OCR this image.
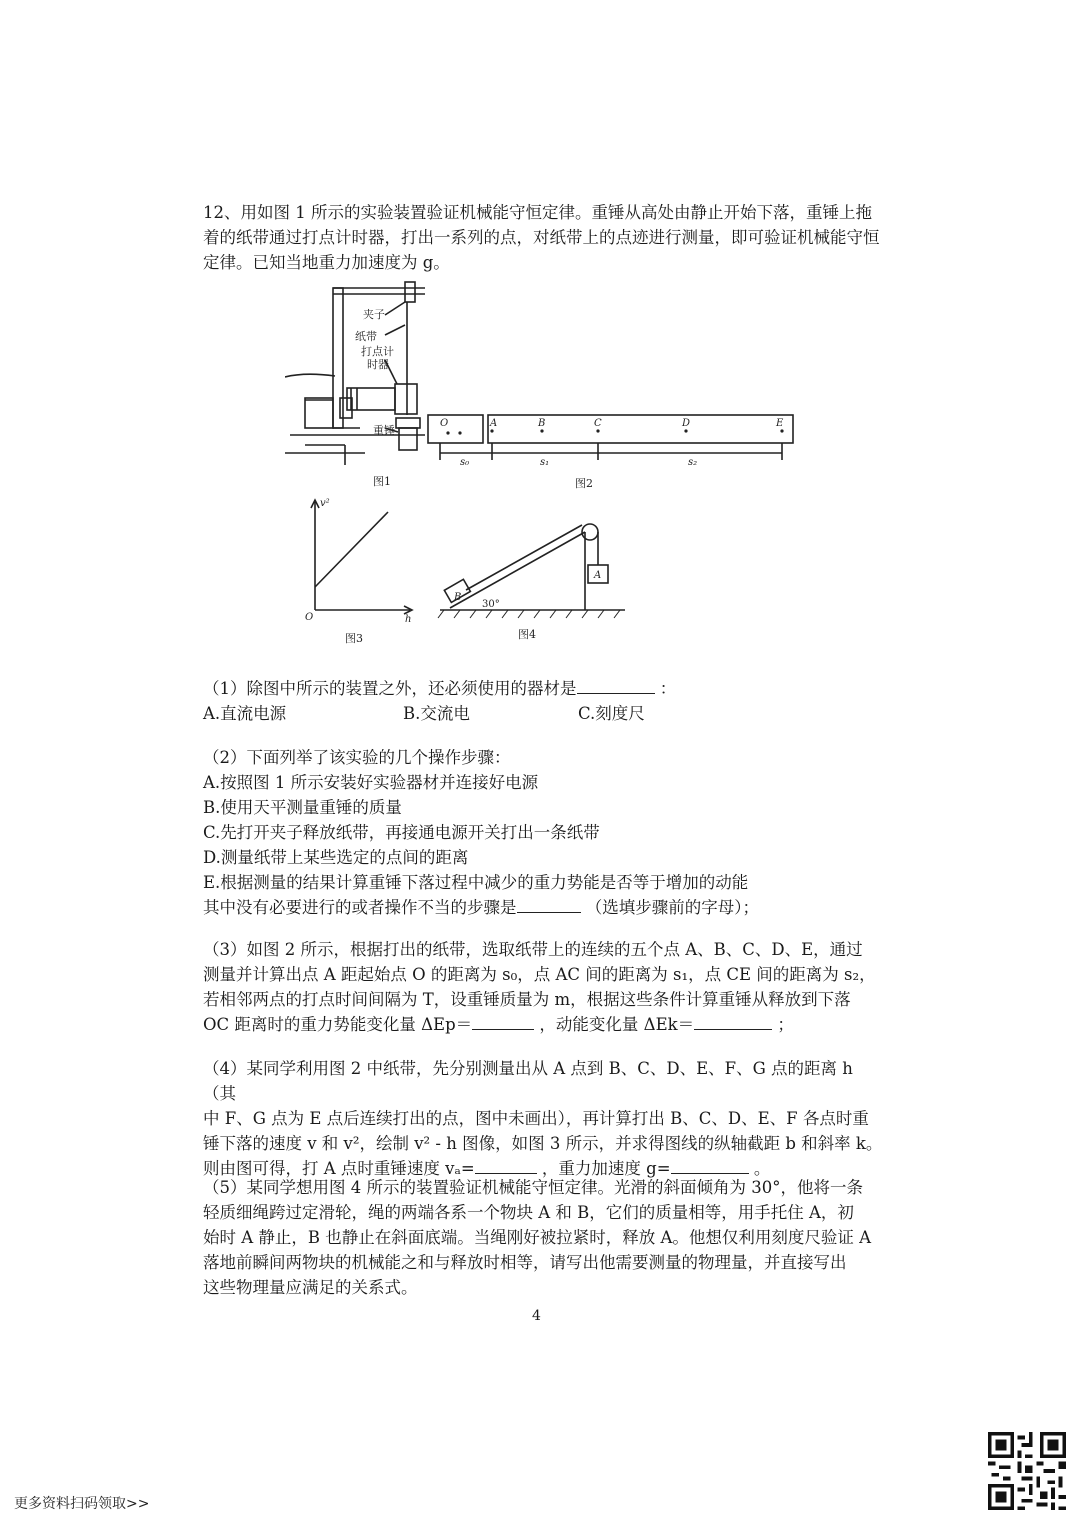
12、用如图 1 所示的实验装置验证机械能守恒定律。重锤从高处由静止开始下落，重锤上拖着的纸带通过打点计时器，打出一系列的点，对纸带上的点迹进行测量，即可验证机械能守恒定律。已知当地重力加速度为 g。

夹子
纸带
打点计
时器
重锤
图1
O	A	B	C	D	E
s₀	s₁	s₂
图2
v²
h
O
图3
A
B
30°
图4

（1）除图中所示的装置之外，还必须使用的器材是	：

A.直流电源	B.交流电	C.刻度尺

（2）下面列举了该实验的几个操作步骤：

A.按照图 1 所示安装好实验器材并连接好电源

B.使用天平测量重锤的质量

C.先打开夹子释放纸带，再接通电源开关打出一条纸带

D.测量纸带上某些选定的点间的距离

E.根据测量的结果计算重锤下落过程中减少的重力势能是否等于增加的动能

其中没有必要进行的或者操作不当的步骤是	（选填步骤前的字母）；

（3）如图 2 所示，根据打出的纸带，选取纸带上的连续的五个点 A、B、C、D、E，通过

测量并计算出点 A 距起始点 O 的距离为 s₀，点 AC 间的距离为 s₁，点 CE 间的距离为 s₂，

若相邻两点的打点时间间隔为 T，设重锤质量为 m，根据这些条件计算重锤从释放到下落

OC 距离时的重力势能变化量 ΔEp＝	，动能变化量 ΔEk＝	；

（4）某同学利用图 2 中纸带，先分别测量出从 A 点到 B、C、D、E、F、G 点的距离 h（其

中 F、G 点为 E 点后连续打出的点，图中未画出），再计算打出 B、C、D、E、F 各点时重

锤下落的速度 v 和 v²，绘制 v² - h 图像，如图 3 所示，并求得图线的纵轴截距 b 和斜率 k。

则由图可得，打 A 点时重锤速度 vₐ=	，重力加速度 g=	。

（5）某同学想用图 4 所示的装置验证机械能守恒定律。光滑的斜面倾角为 30°，他将一条

轻质细绳跨过定滑轮，绳的两端各系一个物块 A 和 B，它们的质量相等，用手托住 A，初

始时 A 静止，B 也静止在斜面底端。当绳刚好被拉紧时，释放 A。他想仅利用刻度尺验证 A

落地前瞬间两物块的机械能之和与释放时相等，请写出他需要测量的物理量，并直接写出

这些物理量应满足的关系式。

4
更多资料扫码领取>>
